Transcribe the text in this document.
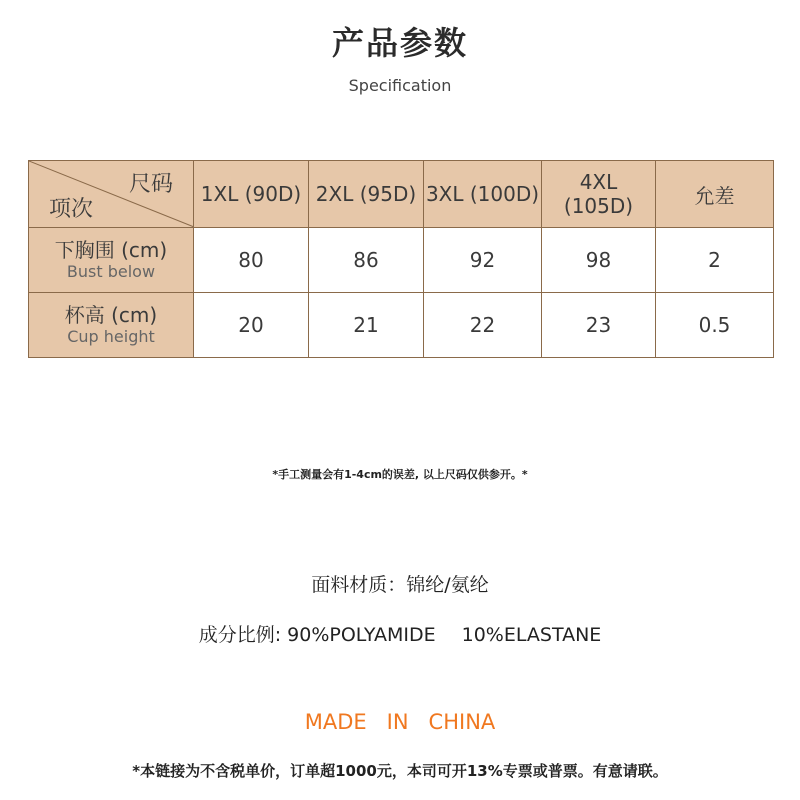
产品参数
Specification
尺码
项次	1XL (90D)	2XL (95D)	3XL (100D)	4XL (105D)	允差

下胸围 (cm)
Bust below	80	86	92	98	2

杯高 (cm)
Cup height	20	21	22	23	0.5
*手工测量会有1-4cm的误差, 以上尺码仅供参开。*
面料材质：锦纶/氨纶
成分比例: 90%POLYAMIDE 10%ELASTANE
MADE IN CHINA
*本链接为不含税单价，订单超1000元，本司可开13%专票或普票。有意请联。
